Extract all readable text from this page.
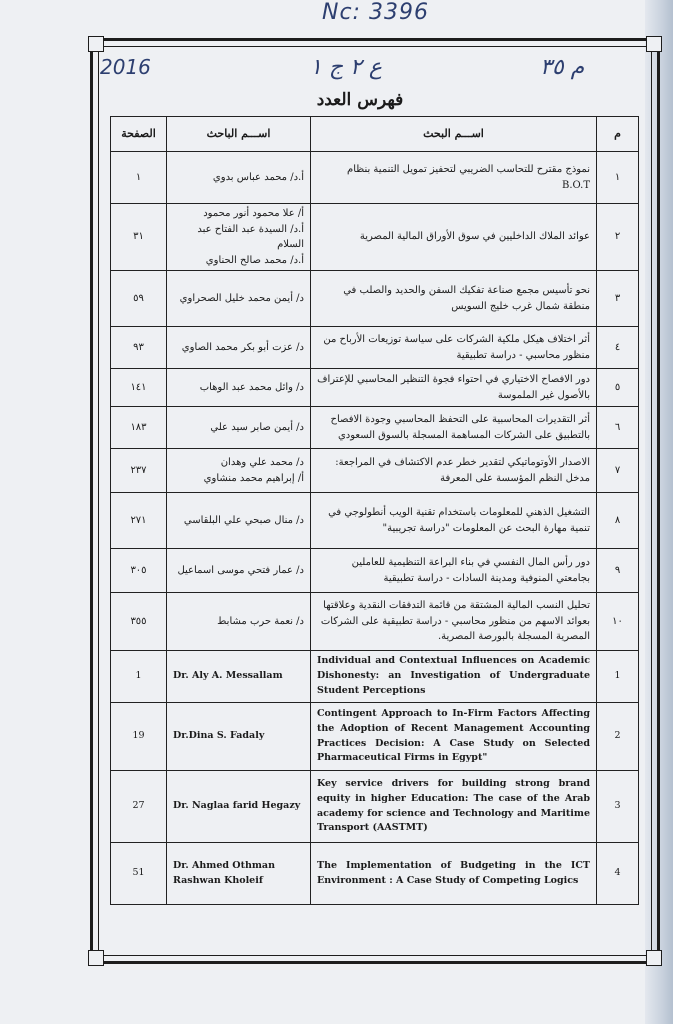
Nc: 3396
2016	ع ٢ ج ١	م ٣٥
فهرس العدد
الصفحة	اســـم الباحث	اســـم البحث	م
١	أ.د/ محمد عباس بدوي	نموذج مقترح للتحاسب الضريبي لتحفيز تمويل التنمية بنظام B.O.T	١
٣١	أ/ علا محمود أنور محمود
أ.د/ السيدة عبد الفتاح عبد السلام
أ.د/ محمد صالح الحناوي	عوائد الملاك الداخليين في سوق الأوراق المالية المصرية	٢
٥٩	د/ أيمن محمد خليل الصحراوي	نحو تأسيس مجمع صناعة تفكيك السفن والحديد والصلب في منطقة شمال غرب خليج السويس	٣
٩٣	د/ عزت أبو بكر محمد الصاوي	أثر اختلاف هيكل ملكية الشركات على سياسة توزيعات الأرباح من منظور محاسبي - دراسة تطبيقية	٤
١٤١	د/ وائل محمد عبد الوهاب	دور الافصاح الاختياري في احتواء فجوة التنظير المحاسبي للإعتراف بالأصول غير الملموسة	٥
١٨٣	د/ أيمن صابر سيد علي	أثر التقديرات المحاسبية على التحفظ المحاسبي وجودة الافصاح بالتطبيق على الشركات المساهمة المسجلة بالسوق السعودي	٦
٢٣٧	د/ محمد علي وهدان
أ/ إبراهيم محمد منشاوي	الاصدار الأوتوماتيكي لتقدير خطر عدم الاكتشاف في المراجعة: مدخل النظم المؤسسة على المعرفة	٧
٢٧١	د/ منال صبحي علي البلقاسي	التشغيل الذهني للمعلومات باستخدام تقنية الويب أنطولوجي في تنمية مهارة البحث عن المعلومات "دراسة تجريبية"	٨
٣٠٥	د/ عمار فتحي موسى اسماعيل	دور رأس المال النفسي في بناء البراعة التنظيمية للعاملين بجامعتي المنوفية ومدينة السادات - دراسة تطبيقية	٩
٣٥٥	د/ نعمة حرب مشابط	تحليل النسب المالية المشتقة من قائمة التدفقات النقدية وعلاقتها بعوائد الاسهم من منظور محاسبي - دراسة تطبيقية على الشركات المصرية المسجلة بالبورصة المصرية.	١٠
1	Dr. Aly A. Messallam	Individual and Contextual Influences on Academic Dishonesty: an Investigation of Undergraduate Student Perceptions	1
19	Dr.Dina S. Fadaly	Contingent Approach to In-Firm Factors Affecting the Adoption of Recent Management Accounting Practices Decision: A Case Study on Selected Pharmaceutical Firms in Egypt"	2
27	Dr. Naglaa farid Hegazy	Key service drivers for building strong brand equity in higher Education: The case of the Arab academy for science and Technology and Maritime Transport (AASTMT)	3
51	Dr. Ahmed Othman Rashwan Kholeif	The Implementation of Budgeting in the ICT Environment : A Case Study of Competing Logics	4
